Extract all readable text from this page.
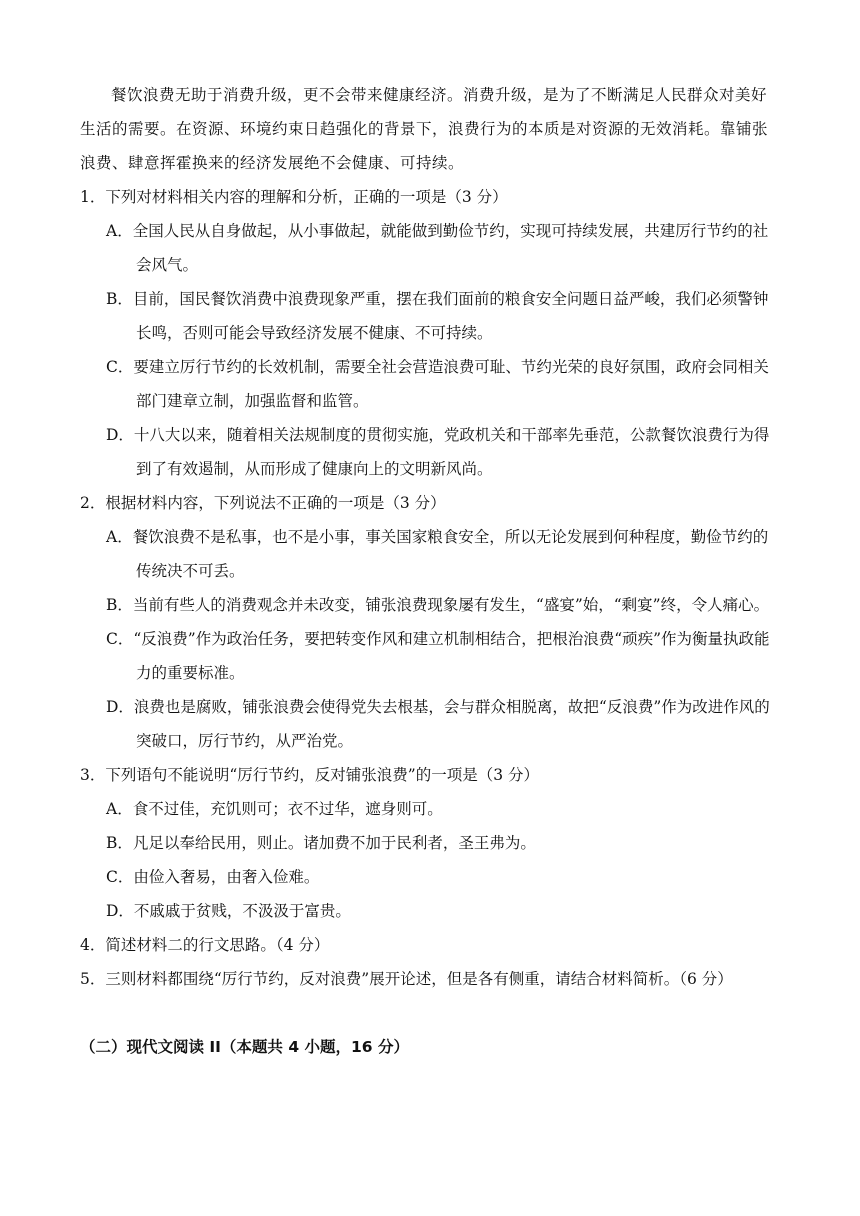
餐饮浪费无助于消费升级，更不会带来健康经济。消费升级，是为了不断满足人民群众对美好生活的需要。在资源、环境约束日趋强化的背景下，浪费行为的本质是对资源的无效消耗。靠铺张浪费、肆意挥霍换来的经济发展绝不会健康、可持续。

1．下列对材料相关内容的理解和分析，正确的一项是（3 分）

A．全国人民从自身做起，从小事做起，就能做到勤俭节约，实现可持续发展，共建厉行节约的社会风气。

B．目前，国民餐饮消费中浪费现象严重，摆在我们面前的粮食安全问题日益严峻，我们必须警钟长鸣，否则可能会导致经济发展不健康、不可持续。

C．要建立厉行节约的长效机制，需要全社会营造浪费可耻、节约光荣的良好氛围，政府会同相关部门建章立制，加强监督和监管。

D．十八大以来，随着相关法规制度的贯彻实施，党政机关和干部率先垂范，公款餐饮浪费行为得到了有效遏制，从而形成了健康向上的文明新风尚。

2．根据材料内容，下列说法不正确的一项是（3 分）

A．餐饮浪费不是私事，也不是小事，事关国家粮食安全，所以无论发展到何种程度，勤俭节约的传统决不可丢。

B．当前有些人的消费观念并未改变，铺张浪费现象屡有发生，“盛宴”始，“剩宴”终，令人痛心。

C．“反浪费”作为政治任务，要把转变作风和建立机制相结合，把根治浪费“顽疾”作为衡量执政能力的重要标准。

D．浪费也是腐败，铺张浪费会使得党失去根基，会与群众相脱离，故把“反浪费”作为改进作风的突破口，厉行节约，从严治党。

3．下列语句不能说明“厉行节约，反对铺张浪费”的一项是（3 分）

A．食不过佳，充饥则可；衣不过华，遮身则可。

B．凡足以奉给民用，则止。诸加费不加于民利者，圣王弗为。

C．由俭入奢易，由奢入俭难。

D．不戚戚于贫贱，不汲汲于富贵。

4．简述材料二的行文思路。（4 分）

5．三则材料都围绕“厉行节约，反对浪费”展开论述，但是各有侧重，请结合材料简析。（6 分）

（二）现代文阅读 II（本题共 4 小题，16 分）
